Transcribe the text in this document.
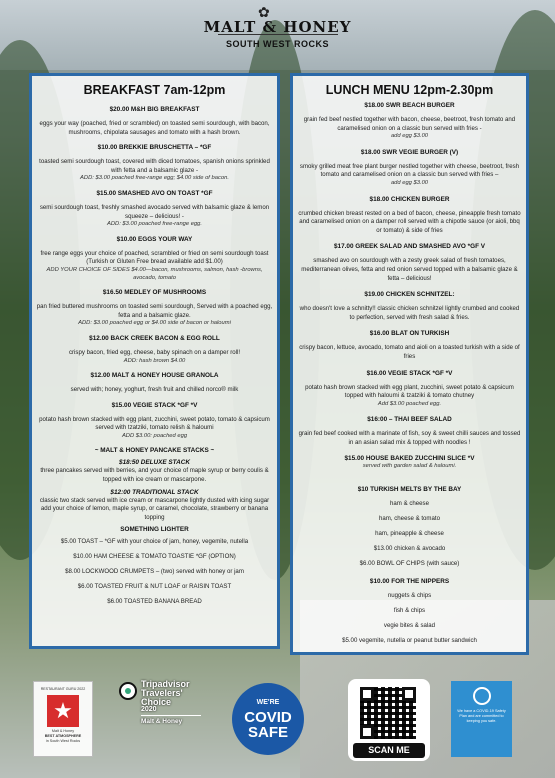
✿
MALT & HONEY
SOUTH WEST ROCKS
BREAKFAST 7am-12pm
$20.00 M&H BIG BREAKFAST
eggs your way (poached, fried or scrambled) on toasted semi sourdough, with bacon, mushrooms, chipolata sausages and tomato with a hash brown.
$10.00 BREKKIE BRUSCHETTA – *GF
toasted semi sourdough toast, covered with diced tomatoes, spanish onions sprinkled with fetta and a balsamic glaze -
ADD: $3.00 poached free-range egg; $4.00 side of bacon.
$15.00 SMASHED AVO ON TOAST *GF
semi sourdough toast, freshly smashed avocado served with balsamic glaze & lemon squeeze – delicious! -
ADD: $3.00 poached free-range egg.
$10.00 EGGS YOUR WAY
free range eggs your choice of poached, scrambled or fried on semi sourdough toast (Turkish or Gluten Free bread available add $1.00)
ADD YOUR CHOICE OF SIDES $4.00—bacon, mushrooms, salmon, hash -browns, avocado, tomato
$16.50 MEDLEY OF MUSHROOMS
pan fried buttered mushrooms on toasted semi sourdough, Served with a poached egg, fetta and a balsamic glaze.
ADD: $3.00 poached egg or $4.00 side of bacon or haloumi
$12.00 BACK CREEK BACON & EGG ROLL
crispy bacon, fried egg, cheese, baby spinach on a damper roll!
ADD: hash brown $4.00
$12.00 MALT & HONEY HOUSE GRANOLA
served with; honey, yoghurt, fresh fruit and chilled norco® milk
$15.00 VEGIE STACK *GF *V
potato hash brown stacked with egg plant, zucchini, sweet potato, tomato & capsicum served with tzatziki, tomato relish & haloumi
ADD $3.00: poached egg
~ MALT & HONEY PANCAKE STACKS ~
$18:50 DELUXE STACK
three pancakes served with berries, and your choice of maple syrup or berry coulis & topped with ice cream or mascarpone.
$12:00 TRADITIONAL STACK
classic two stack served with ice cream or mascarpone lightly dusted with icing sugar add your choice of lemon, maple syrup, or caramel, chocolate, strawberry or banana topping
SOMETHING LIGHTER
$5.00 TOAST – *GF with your choice of jam, honey, vegemite, nutella
$10.00 HAM CHEESE & TOMATO TOASTIE *GF (OPTION)
$8.00 LOCKWOOD CRUMPETS – (two) served with honey or jam
$6.00 TOASTED FRUIT & NUT LOAF or RAISIN TOAST
$6.00 TOASTED BANANA BREAD
LUNCH MENU 12pm-2.30pm
$18.00 SWR BEACH BURGER
grain fed beef nestled together with bacon, cheese, beetroot, fresh tomato and caramelised onion on a classic bun served with fries -
add egg $3.00
$18.00 SWR VEGIE BURGER (V)
smoky grilled meat free plant burger nestled together with cheese, beetroot, fresh tomato and caramelised onion on a classic bun served with fries –
add egg $3.00
$18.00 CHICKEN BURGER
crumbed chicken breast rested on a bed of bacon, cheese, pineapple fresh tomato and caramelised onion on a damper roll served with a chipotle sauce (or aioli, bbq or tomato) & side of fries
$17.00 GREEK SALAD AND SMASHED AVO *GF V
smashed avo on sourdough with a zesty greek salad of fresh tomatoes, mediterranean olives, fetta and red onion served topped with a balsamic glaze & fetta – delicious!
$19.00 CHICKEN SCHNITZEL:
who doesn't love a schnitty!! classic chicken schnitzel lightly crumbed and cooked to perfection, served with fresh salad & fries.
$16.00 BLAT ON TURKISH
crispy bacon, lettuce, avocado, tomato and aioli on a toasted turkish with a side of fries
$16.00 VEGIE STACK *GF *V
potato hash brown stacked with egg plant, zucchini, sweet potato & capsicum topped with haloumi & tzatziki & tomato chutney
Add $3.00 poached egg.
$16:00 – THAI BEEF SALAD
grain fed beef cooked with a marinate of fish, soy & sweet chilli sauces and tossed in an asian salad mix & topped with noodles !
$15.00 HOUSE BAKED ZUCCHINI SLICE *V
served with garden salad & haloumi.
$10 TURKISH MELTS BY THE BAY
ham & cheese
ham, cheese & tomato
ham, pineapple & cheese
$13.00 chicken & avocado
$6.00 BOWL OF CHIPS (with sauce)
$10.00 FOR THE NIPPERS
nuggets & chips
fish & chips
vegie bites & salad
$5.00 vegemite, nutella or peanut butter sandwich
RESTAURANT GURU 2022
★
Malt & Honey
BEST ATMOSPHERE
in South West Rocks
Tripadvisor
Travelers'
Choice
2020
Malt & Honey
WE'RE
COVID
SAFE
SCAN ME
We have a COVID-19 Safety Plan and are committed to keeping you safe.
